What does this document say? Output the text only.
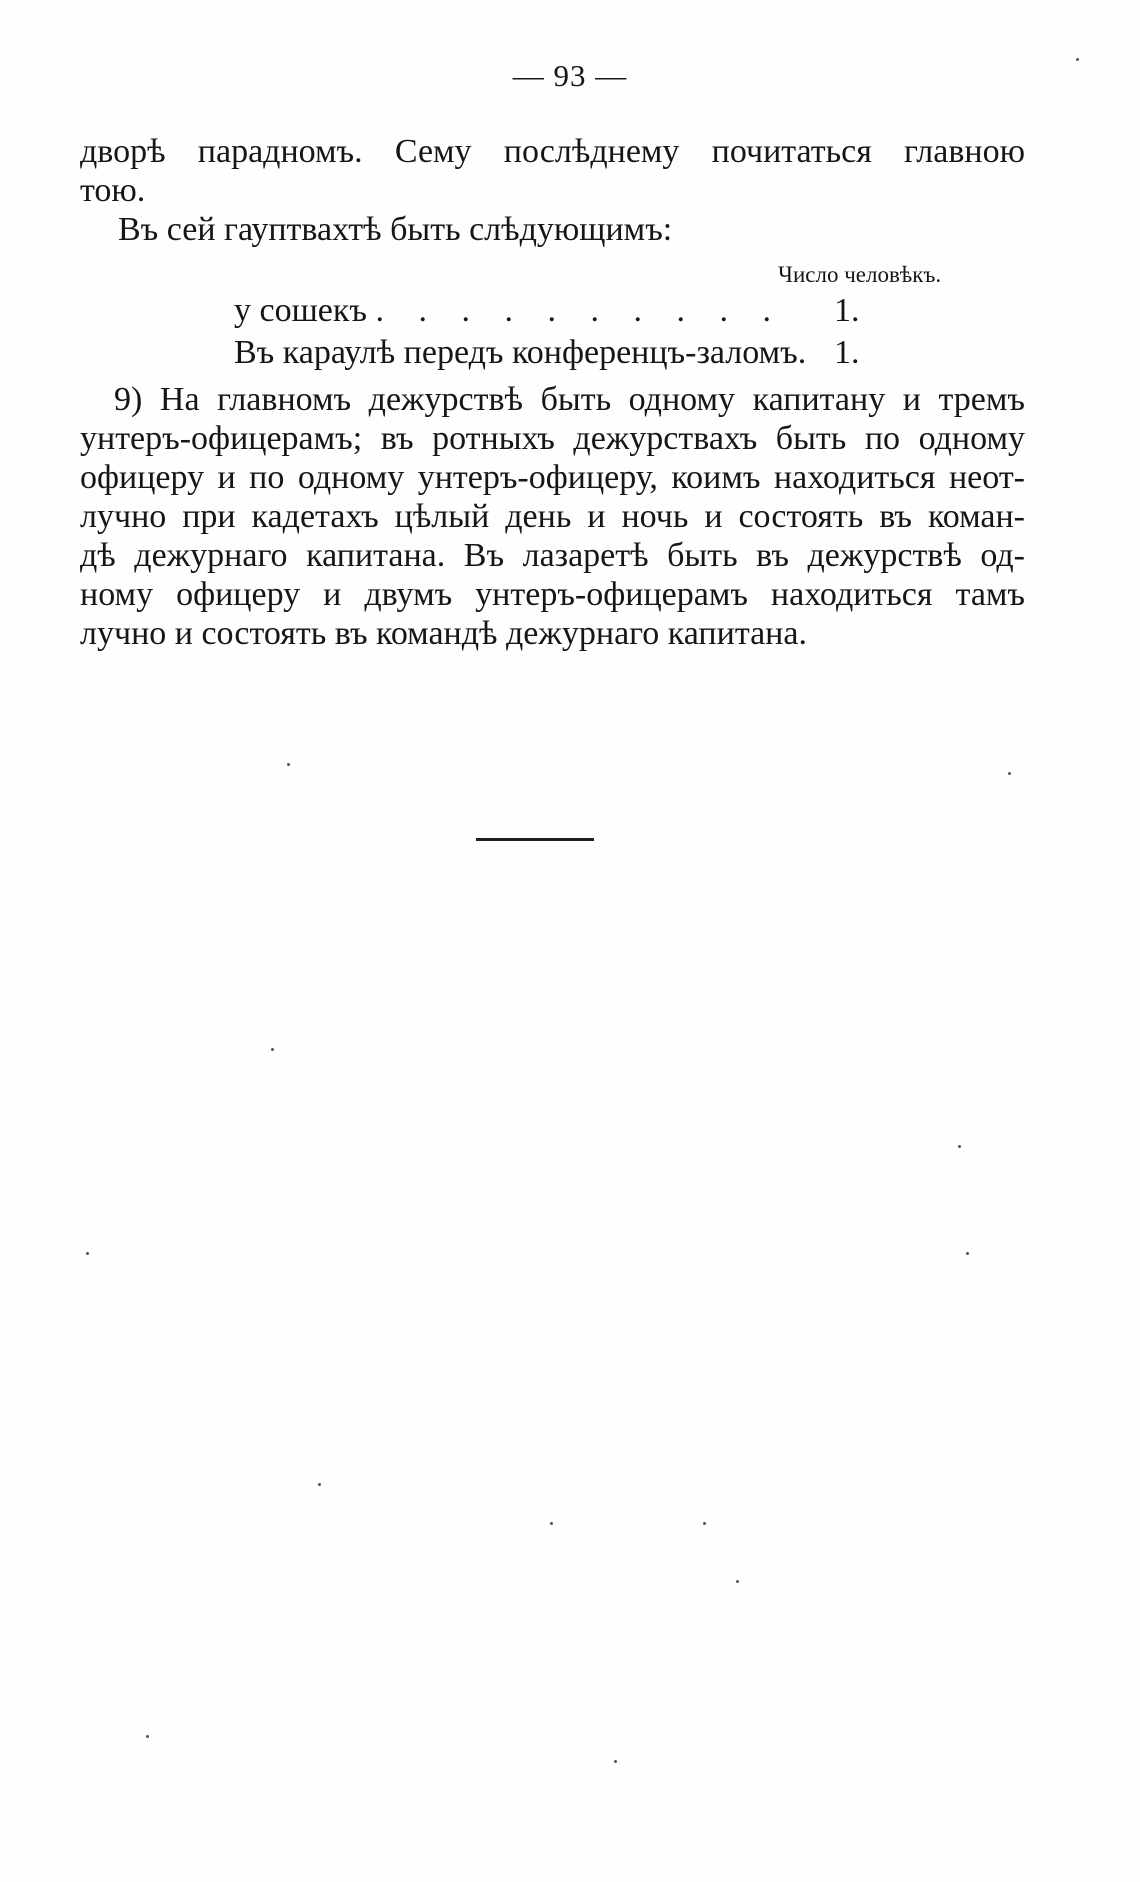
— 93 —
дворѣ парадномъ. Сему послѣднему почитаться главною
тою.
Въ сей гауптвахтѣ быть слѣдующимъ:
Число человѣкъ.
у сошекъ . . . . . . . . . . 1.
Въ караулѣ передъ конференцъ-заломъ. 1.
9) На главномъ дежурствѣ быть одному капитану и тремъ
унтеръ-офицерамъ; въ ротныхъ дежурствахъ быть по одному
офицеру и по одному унтеръ-офицеру, коимъ находиться неот-
лучно при кадетахъ цѣлый день и ночь и состоять въ коман-
дѣ дежурнаго капитана. Въ лазаретѣ быть въ дежурствѣ од-
ному офицеру и двумъ унтеръ-офицерамъ находиться тамъ
лучно и состоять въ командѣ дежурнаго капитана.
